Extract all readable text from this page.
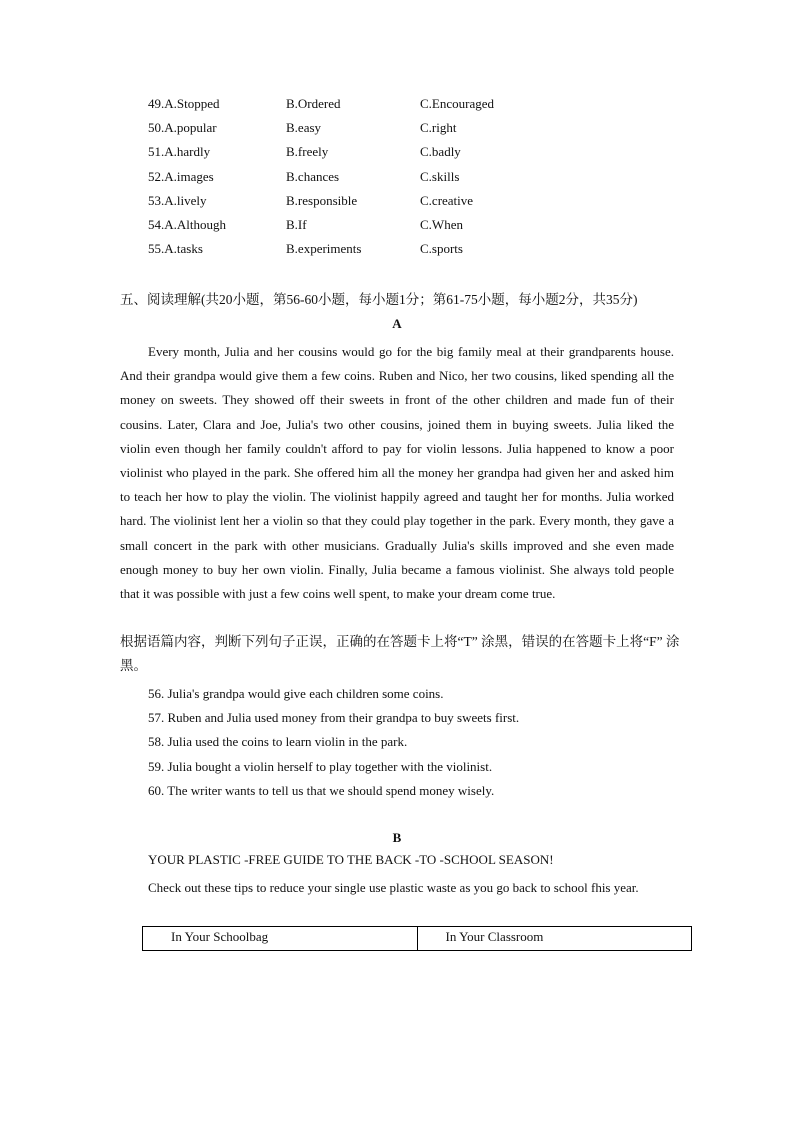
49.A.Stopped	B.Ordered	C.Encouraged
50.A.popular	B.easy	C.right
51.A.hardly	B.freely	C.badly
52.A.images	B.chances	C.skills
53.A.lively	B.responsible	C.creative
54.A.Although	B.If	C.When
55.A.tasks	B.experiments	C.sports
五、阅读理解(共20小题，第56-60小题，每小题1分；第61-75小题，每小题2分，共35分)
A

Every month, Julia and her cousins would go for the big family meal at their grandparents house. And their grandpa would give them a few coins. Ruben and Nico, her two cousins, liked spending all the money on sweets. They showed off their sweets in front of the other children and made fun of their cousins. Later, Clara and Joe, Julia's two other cousins, joined them in buying sweets. Julia liked the violin even though her family couldn't afford to pay for violin lessons. Julia happened to know a poor violinist who played in the park. She offered him all the money her grandpa had given her and asked him to teach her how to play the violin. The violinist happily agreed and taught her for months. Julia worked hard. The violinist lent her a violin so that they could play together in the park. Every month, they gave a small concert in the park with other musicians. Gradually Julia's skills improved and she even made enough money to buy her own violin. Finally, Julia became a famous violinist. She always told people that it was possible with just a few coins well spent, to make your dream come true.

根据语篇内容，判断下列句子正误，正确的在答题卡上将“T” 涂黑，错误的在答题卡上将“F” 涂黑。

56. Julia's grandpa would give each children some coins.
57. Ruben and Julia used money from their grandpa to buy sweets first.
58. Julia used the coins to learn violin in the park.
59. Julia bought a violin herself to play together with the violinist.
60. The writer wants to tell us that we should spend money wisely.
B
YOUR PLASTIC -FREE GUIDE TO THE BACK -TO -SCHOOL SEASON!

Check out these tips to reduce your single use plastic waste as you go back to school fhis year.

In Your Schoolbag	In Your Classroom
